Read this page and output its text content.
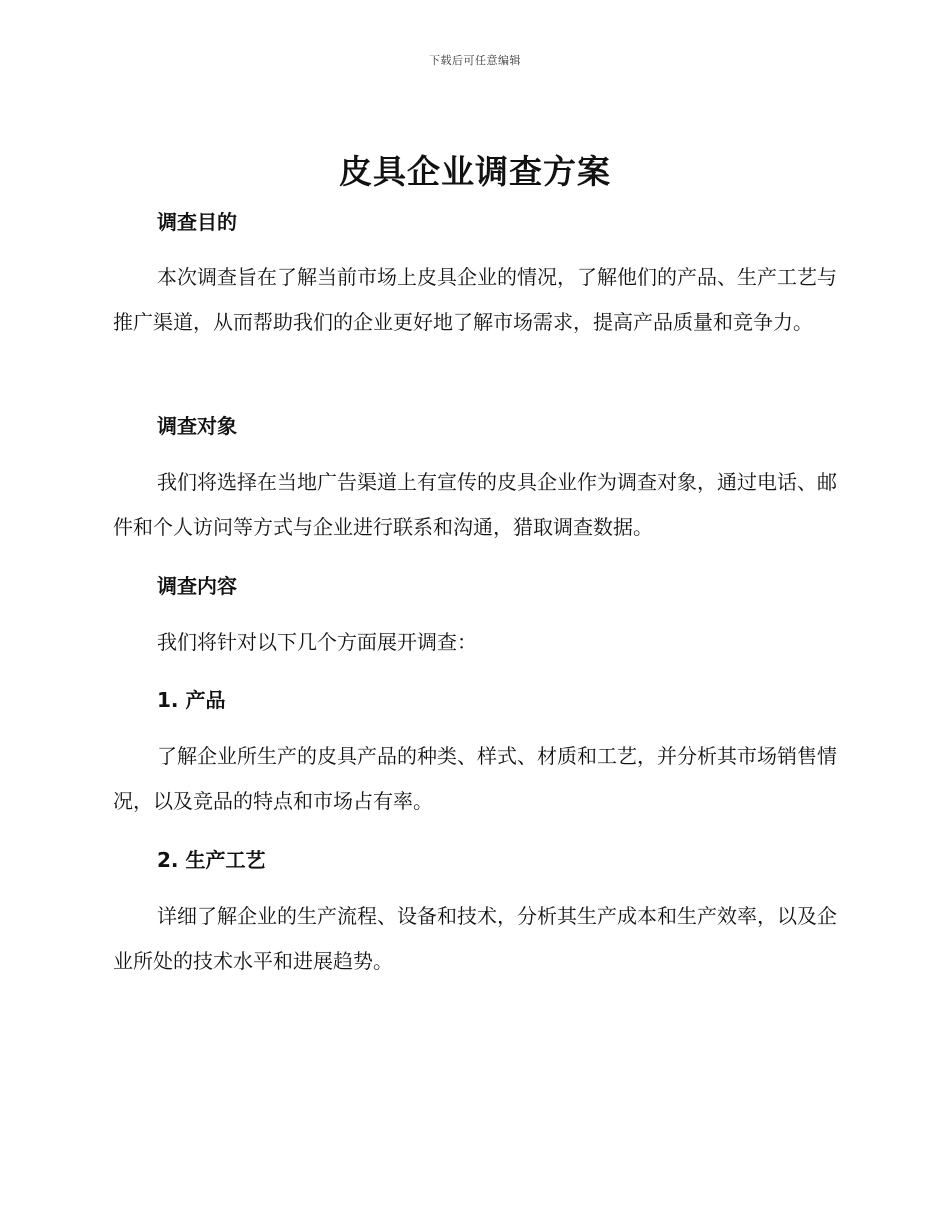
下载后可任意编辑
皮具企业调查方案
调查目的

本次调查旨在了解当前市场上皮具企业的情况，了解他们的产品、生产工艺与推广渠道，从而帮助我们的企业更好地了解市场需求，提高产品质量和竞争力。

调查对象

我们将选择在当地广告渠道上有宣传的皮具企业作为调查对象，通过电话、邮件和个人访问等方式与企业进行联系和沟通，猎取调查数据。

调查内容

我们将针对以下几个方面展开调查：

1. 产品

了解企业所生产的皮具产品的种类、样式、材质和工艺，并分析其市场销售情况，以及竞品的特点和市场占有率。

2. 生产工艺

详细了解企业的生产流程、设备和技术，分析其生产成本和生产效率，以及企业所处的技术水平和进展趋势。
